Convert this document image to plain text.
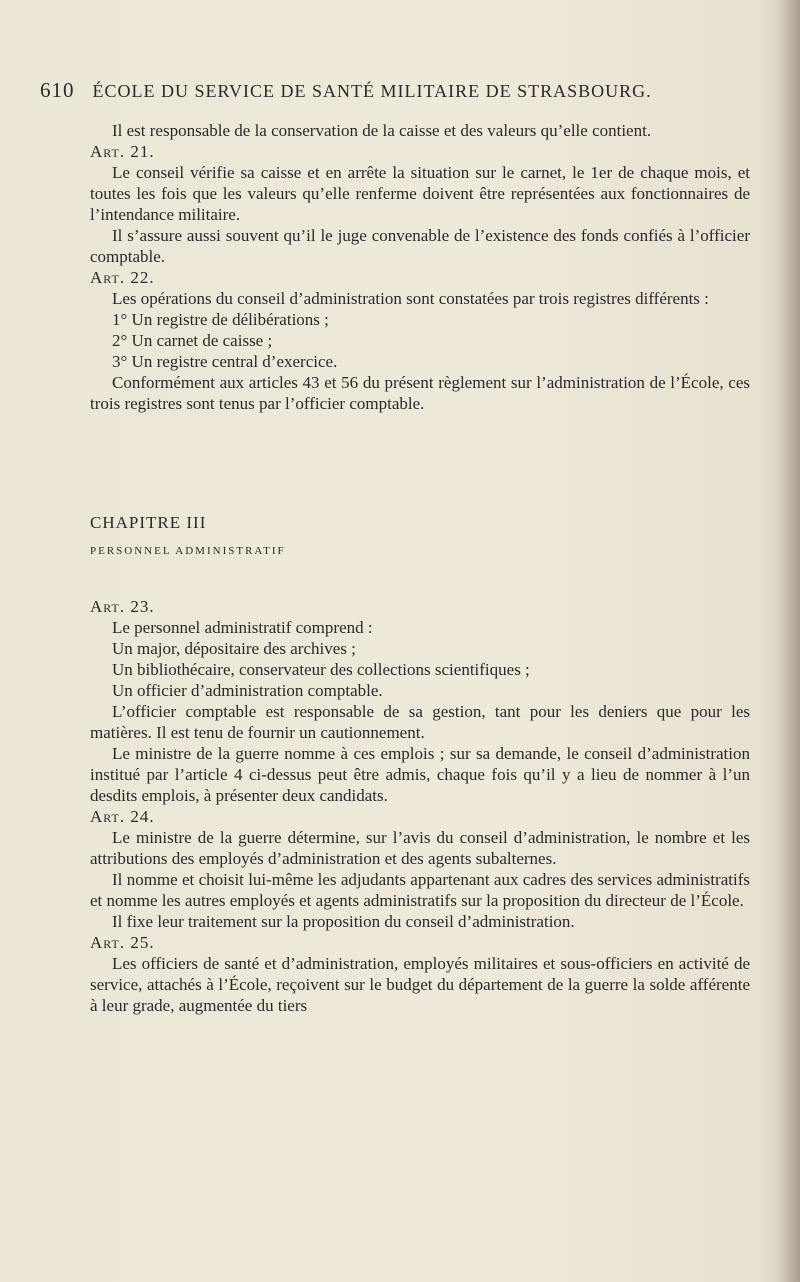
610 ÉCOLE DU SERVICE DE SANTÉ MILITAIRE DE STRASBOURG.

Il est responsable de la conservation de la caisse et des valeurs qu’elle contient.

Art. 21.

Le conseil vérifie sa caisse et en arrête la situation sur le carnet, le 1er de chaque mois, et toutes les fois que les valeurs qu’elle renferme doivent être représentées aux fonctionnaires de l’intendance militaire.

Il s’assure aussi souvent qu’il le juge convenable de l’existence des fonds confiés à l’officier comptable.

Art. 22.

Les opérations du conseil d’administration sont constatées par trois registres différents :

1° Un registre de délibérations ;

2° Un carnet de caisse ;

3° Un registre central d’exercice.

Conformément aux articles 43 et 56 du présent règlement sur l’administration de l’École, ces trois registres sont tenus par l’officier comptable.

CHAPITRE III

PERSONNEL ADMINISTRATIF

Art. 23.

Le personnel administratif comprend :

Un major, dépositaire des archives ;

Un bibliothécaire, conservateur des collections scientifiques ;

Un officier d’administration comptable.

L’officier comptable est responsable de sa gestion, tant pour les deniers que pour les matières. Il est tenu de fournir un cautionnement.

Le ministre de la guerre nomme à ces emplois ; sur sa demande, le conseil d’administration institué par l’article 4 ci-dessus peut être admis, chaque fois qu’il y a lieu de nommer à l’un desdits emplois, à présenter deux candidats.

Art. 24.

Le ministre de la guerre détermine, sur l’avis du conseil d’administration, le nombre et les attributions des employés d’administration et des agents subalternes.

Il nomme et choisit lui-même les adjudants appartenant aux cadres des services administratifs et nomme les autres employés et agents administratifs sur la proposition du directeur de l’École.

Il fixe leur traitement sur la proposition du conseil d’administration.

Art. 25.

Les officiers de santé et d’administration, employés militaires et sous-officiers en activité de service, attachés à l’École, reçoivent sur le budget du département de la guerre la solde afférente à leur grade, augmentée du tiers
